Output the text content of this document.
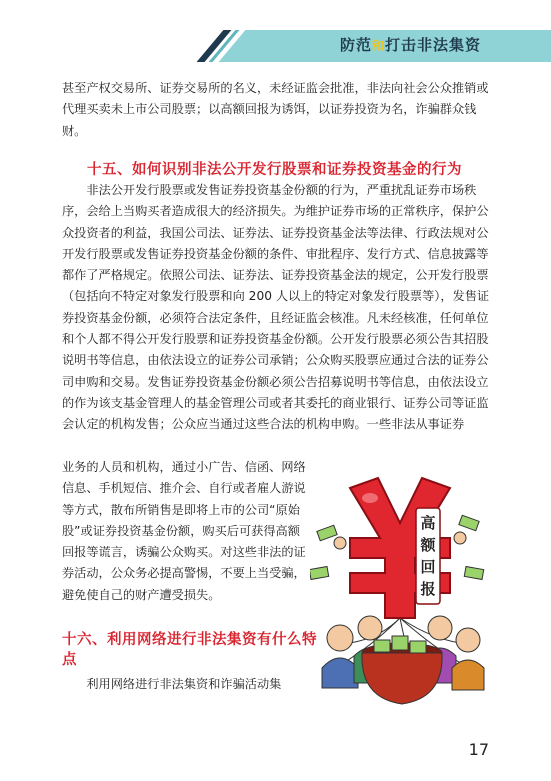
防范和打击非法集资

甚至产权交易所、证券交易所的名义，未经证监会批准，非法向社会公众推销或代理买卖未上市公司股票；以高额回报为诱饵，以证券投资为名，诈骗群众钱财。

十五、如何识别非法公开发行股票和证券投资基金的行为

　　非法公开发行股票或发售证券投资基金份额的行为，严重扰乱证券市场秩序，会给上当购买者造成很大的经济损失。为维护证券市场的正常秩序，保护公众投资者的利益，我国公司法、证券法、证券投资基金法等法律、行政法规对公开发行股票或发售证券投资基金份额的条件、审批程序、发行方式、信息披露等都作了严格规定。依照公司法、证券法、证券投资基金法的规定，公开发行股票（包括向不特定对象发行股票和向 200 人以上的特定对象发行股票等），发售证券投资基金份额，必须符合法定条件，且经证监会核准。凡未经核准，任何单位和个人都不得公开发行股票和证券投资基金份额。公开发行股票必须公告其招股说明书等信息，由依法设立的证券公司承销；公众购买股票应通过合法的证券公司申购和交易。发售证券投资基金份额必须公告招募说明书等信息，由依法设立的作为该支基金管理人的基金管理公司或者其委托的商业银行、证券公司等证监会认定的机构发售；公众应当通过这些合法的机构申购。一些非法从事证券

业务的人员和机构，通过小广告、信函、网络信息、手机短信、推介会、自行或者雇人游说等方式，散布所销售是即将上市的公司“原始股”或证券投资基金份额，购买后可获得高额回报等谎言，诱骗公众购买。对这些非法的证券活动，公众务必提高警惕，不要上当受骗，避免使自己的财产遭受损失。

十六、利用网络进行非法集资有什么特点

　　利用网络进行非法集资和诈骗活动集

高
额
回
报
17
